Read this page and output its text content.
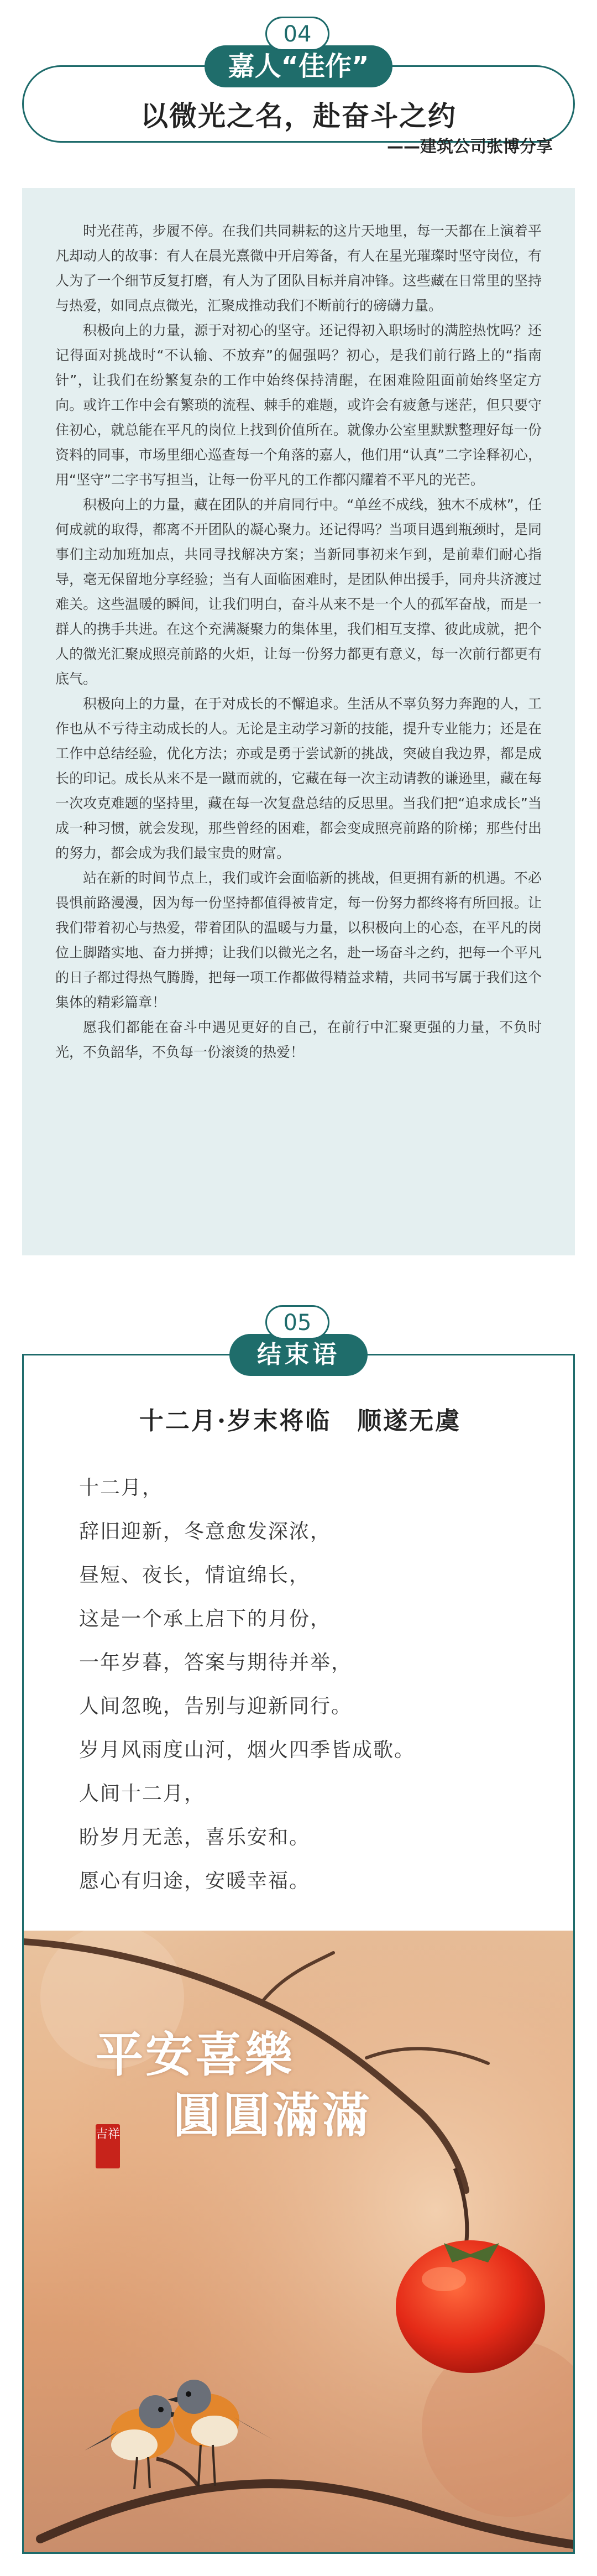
04
嘉人“佳作”
以微光之名，赴奋斗之约
——建筑公司张博分享

时光荏苒，步履不停。在我们共同耕耘的这片天地里，每一天都在上演着平凡却动人的故事：有人在晨光熹微中开启筹备，有人在星光璀璨时坚守岗位，有人为了一个细节反复打磨，有人为了团队目标并肩冲锋。这些藏在日常里的坚持与热爱，如同点点微光，汇聚成推动我们不断前行的磅礴力量。

积极向上的力量，源于对初心的坚守。还记得初入职场时的满腔热忱吗？还记得面对挑战时“不认输、不放弃”的倔强吗？初心，是我们前行路上的“指南针”，让我们在纷繁复杂的工作中始终保持清醒，在困难险阻面前始终坚定方向。或许工作中会有繁琐的流程、棘手的难题，或许会有疲惫与迷茫，但只要守住初心，就总能在平凡的岗位上找到价值所在。就像办公室里默默整理好每一份资料的同事，市场里细心巡查每一个角落的嘉人，他们用“认真”二字诠释初心，用“坚守”二字书写担当，让每一份平凡的工作都闪耀着不平凡的光芒。

积极向上的力量，藏在团队的并肩同行中。“单丝不成线，独木不成林”，任何成就的取得，都离不开团队的凝心聚力。还记得吗？当项目遇到瓶颈时，是同事们主动加班加点，共同寻找解决方案；当新同事初来乍到，是前辈们耐心指导，毫无保留地分享经验；当有人面临困难时，是团队伸出援手，同舟共济渡过难关。这些温暖的瞬间，让我们明白，奋斗从来不是一个人的孤军奋战，而是一群人的携手共进。在这个充满凝聚力的集体里，我们相互支撑、彼此成就，把个人的微光汇聚成照亮前路的火炬，让每一份努力都更有意义，每一次前行都更有底气。

积极向上的力量，在于对成长的不懈追求。生活从不辜负努力奔跑的人，工作也从不亏待主动成长的人。无论是主动学习新的技能，提升专业能力；还是在工作中总结经验，优化方法；亦或是勇于尝试新的挑战，突破自我边界，都是成长的印记。成长从来不是一蹴而就的，它藏在每一次主动请教的谦逊里，藏在每一次攻克难题的坚持里，藏在每一次复盘总结的反思里。当我们把“追求成长”当成一种习惯，就会发现，那些曾经的困难，都会变成照亮前路的阶梯；那些付出的努力，都会成为我们最宝贵的财富。

站在新的时间节点上，我们或许会面临新的挑战，但更拥有新的机遇。不必畏惧前路漫漫，因为每一份坚持都值得被肯定，每一份努力都终将有所回报。让我们带着初心与热爱，带着团队的温暖与力量，以积极向上的心态，在平凡的岗位上脚踏实地、奋力拼搏；让我们以微光之名，赴一场奋斗之约，把每一个平凡的日子都过得热气腾腾，把每一项工作都做得精益求精，共同书写属于我们这个集体的精彩篇章！

愿我们都能在奋斗中遇见更好的自己，在前行中汇聚更强的力量，不负时光，不负韶华，不负每一份滚烫的热爱！

05
结束语
十二月·岁末将临　顺遂无虞
十二月，
辞旧迎新，冬意愈发深浓，
昼短、夜长，情谊绵长，
这是一个承上启下的月份，
一年岁暮，答案与期待并举，
人间忽晚，告别与迎新同行。
岁月风雨度山河，烟火四季皆成歌。
人间十二月，
盼岁月无恙，喜乐安和。
愿心有归途，安暖幸福。
平安喜樂
圓圓滿滿
吉祥
